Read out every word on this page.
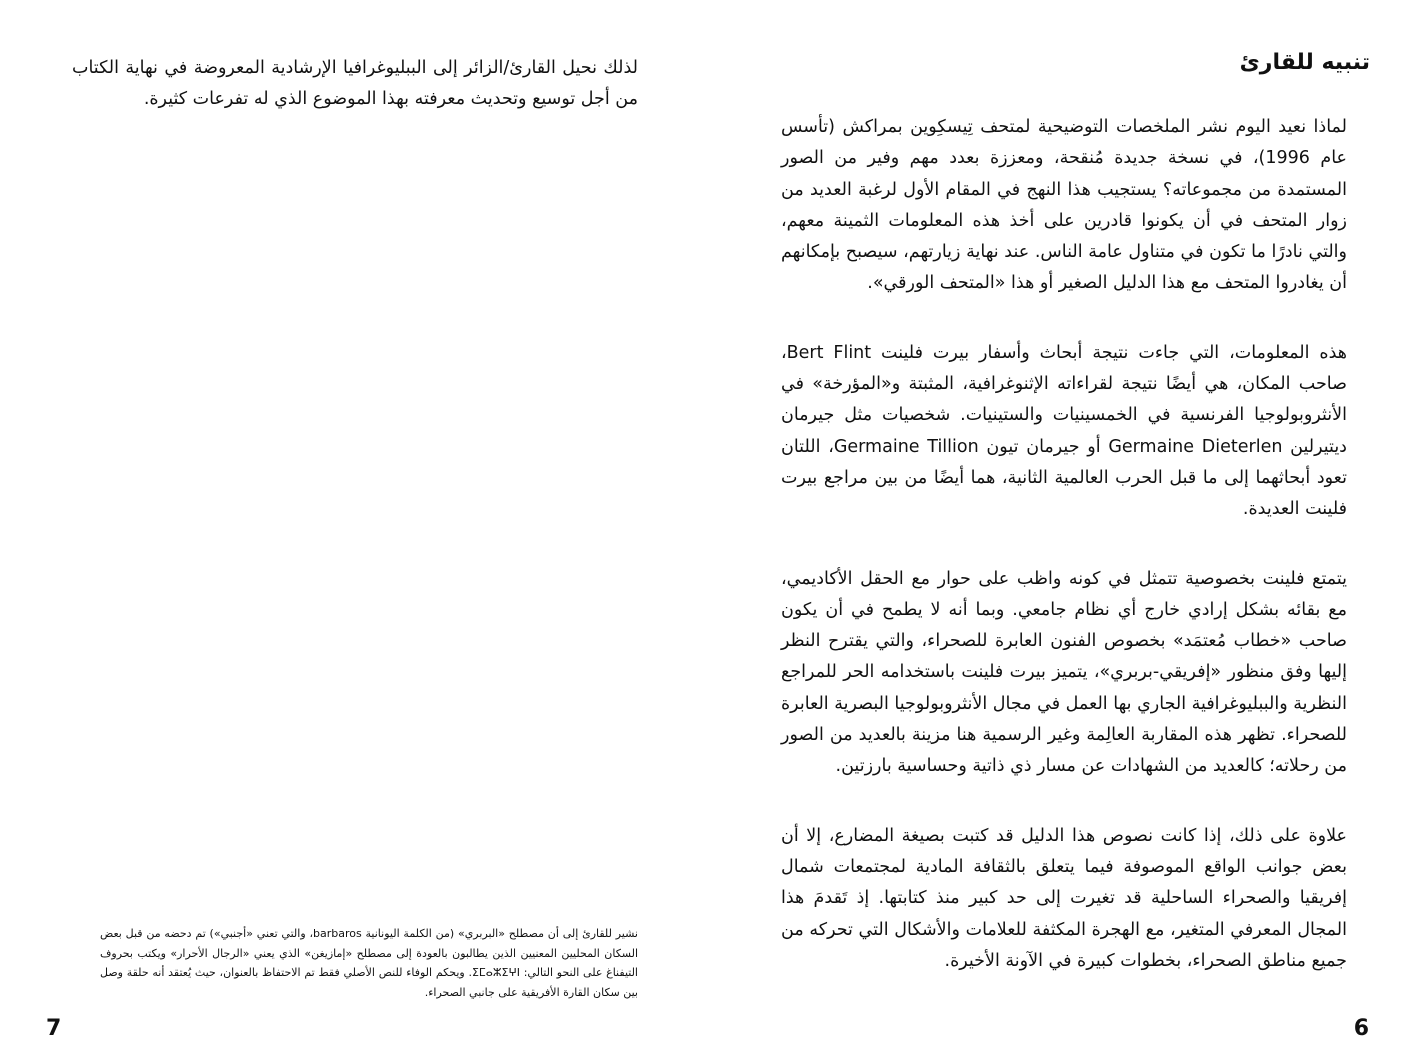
لذلك نحيل القارئ/الزائر إلى الببليوغرافيا الإرشادية المعروضة في نهاية الكتاب من أجل توسيع وتحديث معرفته بهذا الموضوع الذي له تفرعات كثيرة.

نشير للقارئ إلى أن مصطلح «البربري» (من الكلمة اليونانية barbaros، والتي تعني «أجنبي») تم دحضه من قبل بعض السكان المحليين المعنيين الذين يطالبون بالعودة إلى مصطلح «إمازيغن» الذي يعني «الرجال الأحرار» ويكتب بحروف التيفناغ على النحو التالي: ⵉⵎⴰⵣⵉⵖⵏ. ويحكم الوفاء للنص الأصلي فقط تم الاحتفاظ بالعنوان، حيث يُعتقد أنه حلقة وصل بين سكان القارة الأفريقية على جانبي الصحراء.

7
تنبيه للقارئ

لماذا نعيد اليوم نشر الملخصات التوضيحية لمتحف تِيسكِوين بمراكش (تأسس عام 1996)، في نسخة جديدة مُنقحة، ومعززة بعدد مهم وفير من الصور المستمدة من مجموعاته؟ يستجيب هذا النهج في المقام الأول لرغبة العديد من زوار المتحف في أن يكونوا قادرين على أخذ هذه المعلومات الثمينة معهم، والتي نادرًا ما تكون في متناول عامة الناس. عند نهاية زيارتهم، سيصبح بإمكانهم أن يغادروا المتحف مع هذا الدليل الصغير أو هذا «المتحف الورقي».

هذه المعلومات، التي جاءت نتيجة أبحاث وأسفار بيرت فلينت Bert Flint، صاحب المكان، هي أيضًا نتيجة لقراءاته الإثنوغرافية، المثبتة و«المؤرخة» في الأنثروبولوجيا الفرنسية في الخمسينيات والستينيات. شخصيات مثل جيرمان ديتيرلين Germaine Dieterlen أو جيرمان تيون Germaine Tillion، اللتان تعود أبحاثهما إلى ما قبل الحرب العالمية الثانية، هما أيضًا من بين مراجع بيرت فلينت العديدة.

يتمتع فلينت بخصوصية تتمثل في كونه واظب على حوار مع الحقل الأكاديمي، مع بقائه بشكل إرادي خارج أي نظام جامعي. وبما أنه لا يطمح في أن يكون صاحب «خطاب مُعتمَد» بخصوص الفنون العابرة للصحراء، والتي يقترح النظر إليها وفق منظور «إفريقي-بربري»، يتميز بيرت فلينت باستخدامه الحر للمراجع النظرية والببليوغرافية الجاري بها العمل في مجال الأنثروبولوجيا البصرية العابرة للصحراء. تظهر هذه المقاربة العالِمة وغير الرسمية هنا مزينة بالعديد من الصور من رحلاته؛ كالعديد من الشهادات عن مسار ذي ذاتية وحساسية بارزتين.

علاوة على ذلك، إذا كانت نصوص هذا الدليل قد كتبت بصيغة المضارع، إلا أن بعض جوانب الواقع الموصوفة فيما يتعلق بالثقافة المادية لمجتمعات شمال إفريقيا والصحراء الساحلية قد تغيرت إلى حد كبير منذ كتابتها. إذ تَقدمَ هذا المجال المعرفي المتغير، مع الهجرة المكثفة للعلامات والأشكال التي تحركه من جميع مناطق الصحراء، بخطوات كبيرة في الآونة الأخيرة.

6
